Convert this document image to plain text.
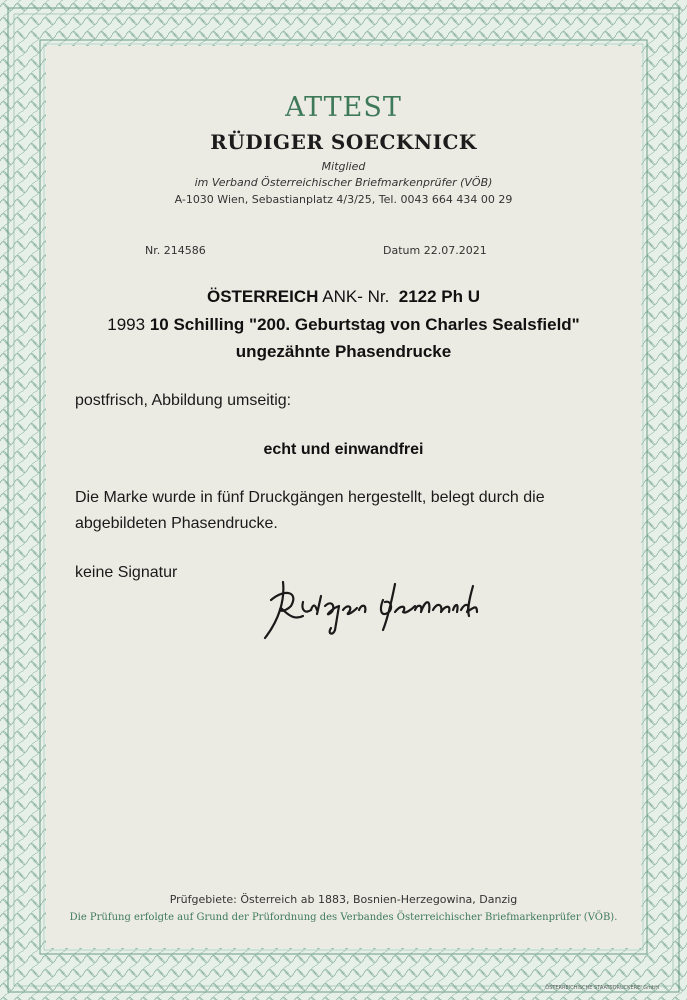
ATTEST
RÜDIGER SOECKNICK
Mitglied
im Verband Österreichischer Briefmarkenprüfer (VÖB)
A-1030 Wien, Sebastianplatz 4/3/25, Tel. 0043 664 434 00 29
Nr. 214586	Datum 22.07.2021
ÖSTERREICH ANK- Nr. 2122 Ph U
1993 10 Schilling "200. Geburtstag von Charles Sealsfield"
ungezähnte Phasendrucke
postfrisch, Abbildung umseitig:
echt und einwandfrei
Die Marke wurde in fünf Druckgängen hergestellt, belegt durch die
abgebildeten Phasendrucke.
keine Signatur
Prüfgebiete: Österreich ab 1883, Bosnien-Herzegowina, Danzig
Die Prüfung erfolgte auf Grund der Prüfordnung des Verbandes Österreichischer Briefmarkenprüfer (VÖB).
ÖSTERREICHISCHE STAATSDRUCKEREI GmbH
